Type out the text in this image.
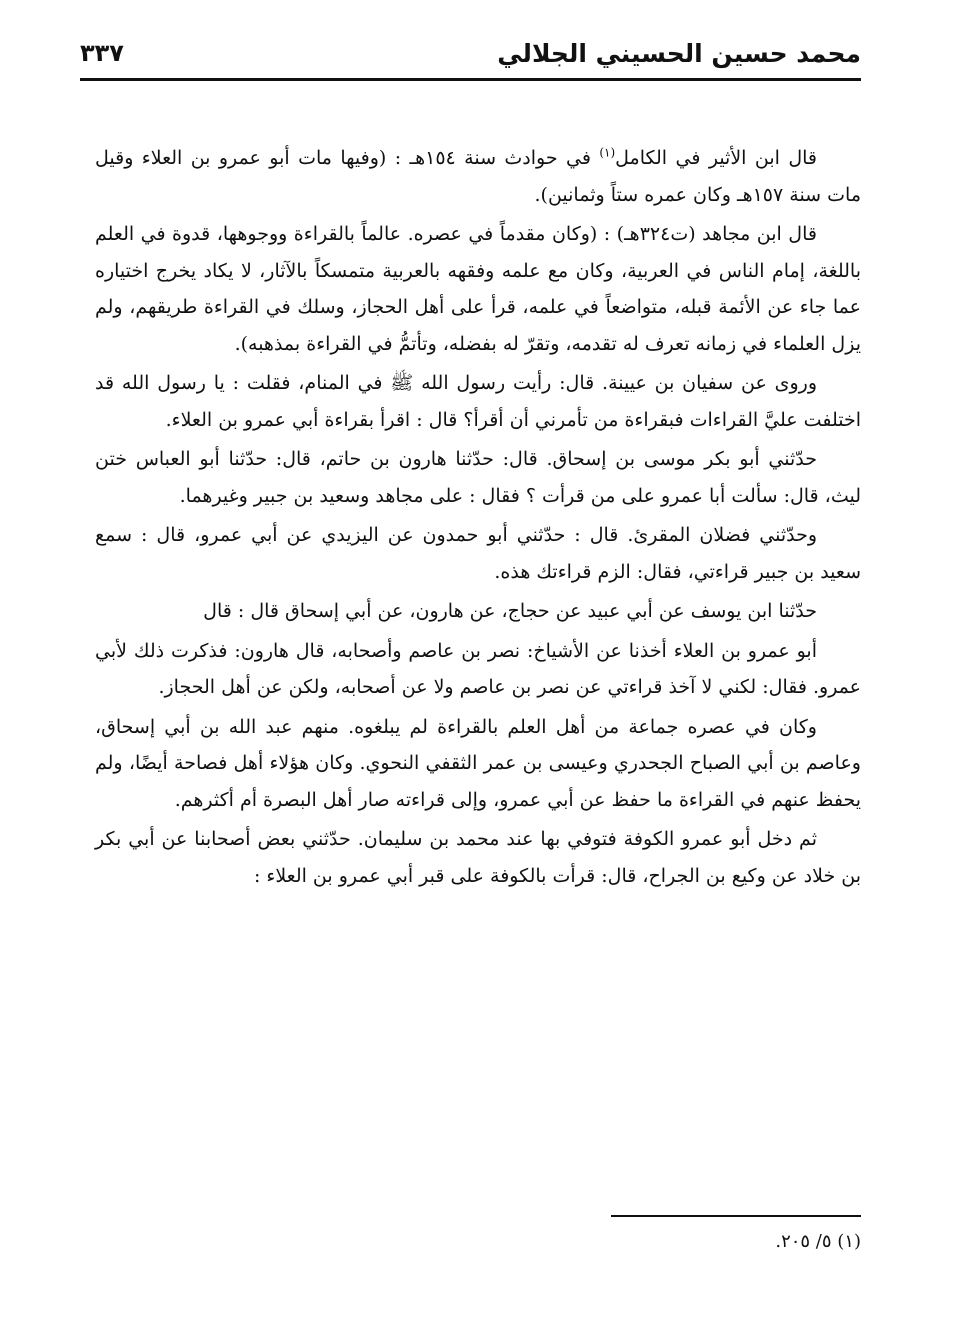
محمد حسين الحسيني الجلالي
٣٣٧

قال ابن الأثير في الكامل$^{(١)}$ في حوادث سنة ١٥٤هـ : (وفيها مات أبو عمرو بن العلاء وقيل مات سنة ١٥٧هـ وكان عمره ستاً وثمانين).

قال ابن مجاهد (ت٣٢٤هـ) : (وكان مقدماً في عصره. عالماً بالقراءة ووجوهها، قدوة في العلم باللغة، إمام الناس في العربية، وكان مع علمه وفقهه بالعربية متمسكاً بالآثار، لا يكاد يخرج اختياره عما جاء عن الأئمة قبله، متواضعاً في علمه، قرأ على أهل الحجاز، وسلك في القراءة طريقهم، ولم يزل العلماء في زمانه تعرف له تقدمه، وتقرّ له بفضله، وتأتمُّ في القراءة بمذهبه).

وروى عن سفيان بن عيينة. قال: رأيت رسول الله ﷺ في المنام، فقلت : يا رسول الله قد اختلفت عليَّ القراءات فبقراءة من تأمرني أن أقرأ؟ قال : اقرأ بقراءة أبي عمرو بن العلاء.

حدّثني أبو بكر موسى بن إسحاق. قال: حدّثنا هارون بن حاتم، قال: حدّثنا أبو العباس ختن ليث، قال: سألت أبا عمرو على من قرأت ؟ فقال : على مجاهد وسعيد بن جبير وغيرهما.

وحدّثني فضلان المقرئ. قال : حدّثني أبو حمدون عن اليزيدي عن أبي عمرو، قال : سمع سعيد بن جبير قراءتي، فقال: الزم قراءتك هذه.

حدّثنا ابن يوسف عن أبي عبيد عن حجاج، عن هارون، عن أبي إسحاق قال : قال

أبو عمرو بن العلاء أخذنا عن الأشياخ: نصر بن عاصم وأصحابه، قال هارون: فذكرت ذلك لأبي عمرو. فقال: لكني لا آخذ قراءتي عن نصر بن عاصم ولا عن أصحابه، ولكن عن أهل الحجاز.

وكان في عصره جماعة من أهل العلم بالقراءة لم يبلغوه. منهم عبد الله بن أبي إسحاق، وعاصم بن أبي الصباح الجحدري وعيسى بن عمر الثقفي النحوي. وكان هؤلاء أهل فصاحة أيضًا، ولم يحفظ عنهم في القراءة ما حفظ عن أبي عمرو، وإلى قراءته صار أهل البصرة أم أكثرهم.

ثم دخل أبو عمرو الكوفة فتوفي بها عند محمد بن سليمان. حدّثني بعض أصحابنا عن أبي بكر بن خلاد عن وكيع بن الجراح، قال: قرأت بالكوفة على قبر أبي عمرو بن العلاء :

(١) ٥/ ٢٠٥.
